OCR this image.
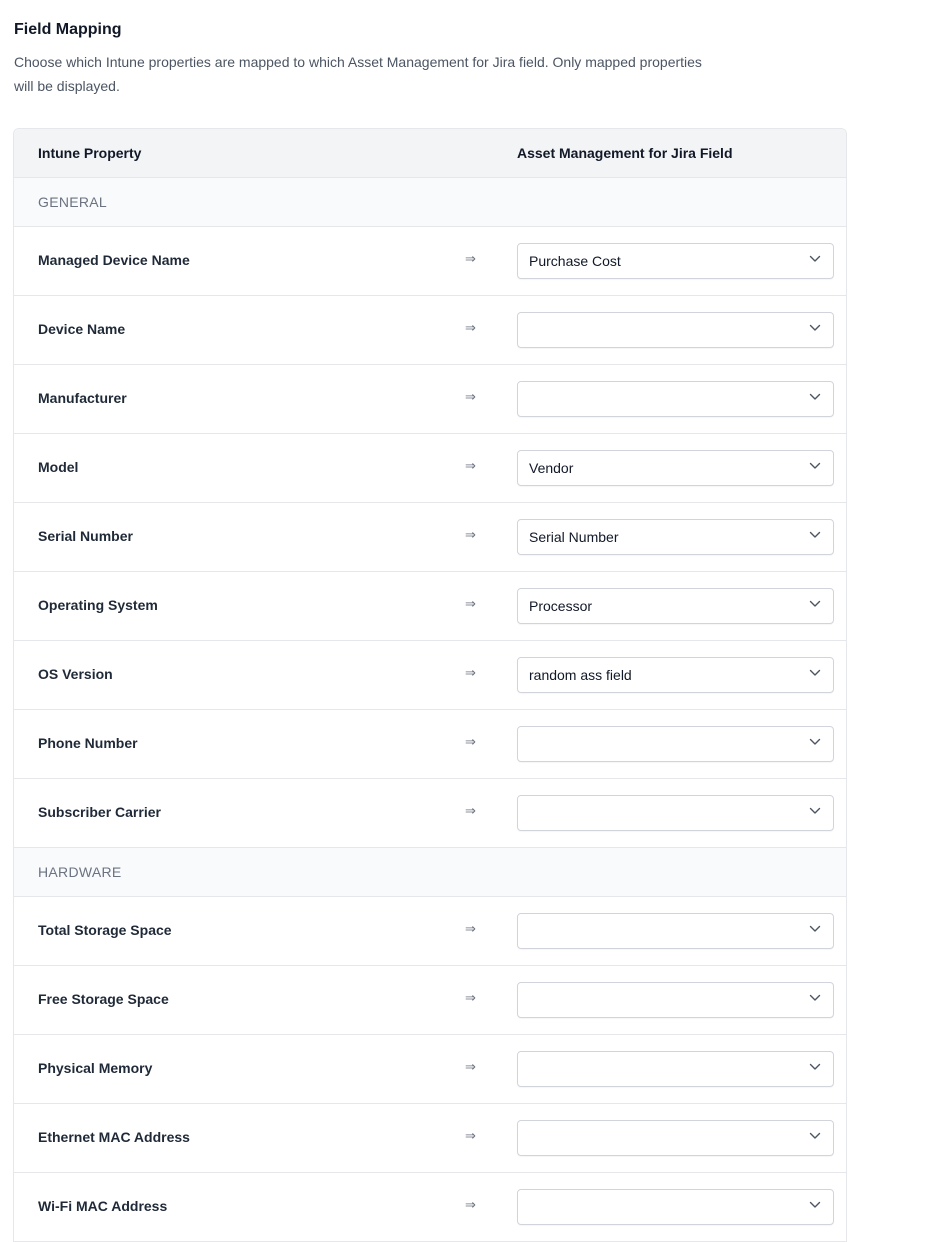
Field Mapping
Choose which Intune properties are mapped to which Asset Management for Jira field. Only mapped properties will be displayed.
Intune Property	Asset Management for Jira Field
GENERAL
Managed Device Name	⇒	Purchase Cost
Device Name	⇒
Manufacturer	⇒
Model	⇒	Vendor
Serial Number	⇒	Serial Number
Operating System	⇒	Processor
OS Version	⇒	random ass field
Phone Number	⇒
Subscriber Carrier	⇒
HARDWARE
Total Storage Space	⇒
Free Storage Space	⇒
Physical Memory	⇒
Ethernet MAC Address	⇒
Wi-Fi MAC Address	⇒
